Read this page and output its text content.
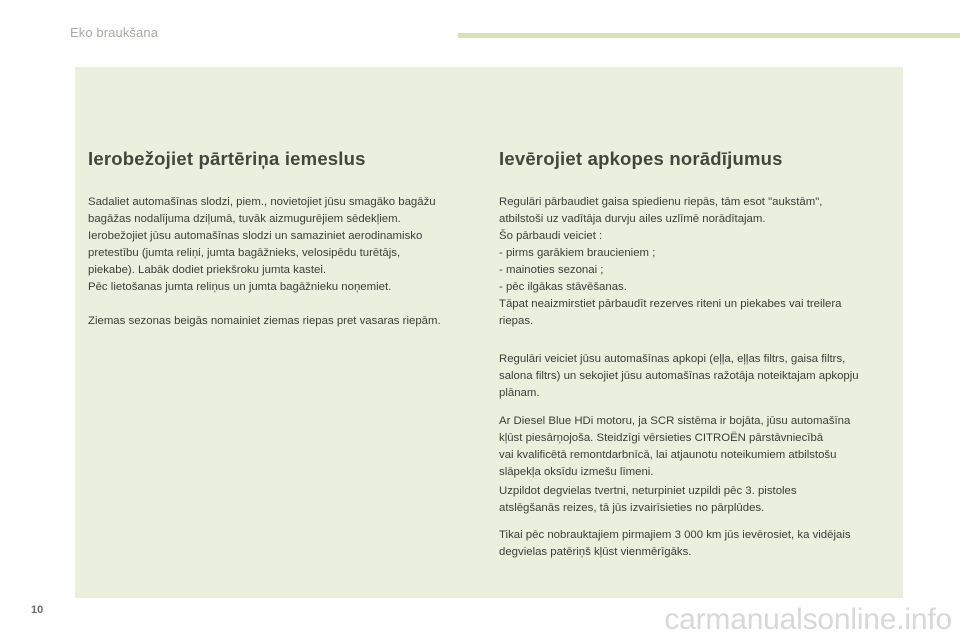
Eko braukšana
Ierobežojiet pārtēriņa iemeslus

Sadaliet automašīnas slodzi, piem., novietojiet jūsu smagāko bagāžu
bagāžas nodalījuma dziļumā, tuvāk aizmugurējiem sēdekļiem.
Ierobežojiet jūsu automašīnas slodzi un samaziniet aerodinamisko
pretestību (jumta reliņi, jumta bagāžnieks, velosipēdu turētājs,
piekabe). Labāk dodiet priekšroku jumta kastei.
Pēc lietošanas jumta reliņus un jumta bagāžnieku noņemiet.

Ziemas sezonas beigās nomainiet ziemas riepas pret vasaras riepām.

Ievērojiet apkopes norādījumus

Regulāri pārbaudiet gaisa spiedienu riepās, tām esot "aukstām",
atbilstoši uz vadītāja durvju ailes uzlīmē norādītajam.
Šo pārbaudi veiciet :
- pirms garākiem braucieniem ;
- mainoties sezonai ;
- pēc ilgākas stāvēšanas.
Tāpat neaizmirstiet pārbaudīt rezerves riteni un piekabes vai treilera
riepas.

Regulāri veiciet jūsu automašīnas apkopi (eļļa, eļļas filtrs, gaisa filtrs,
salona filtrs) un sekojiet jūsu automašīnas ražotāja noteiktajam apkopju
plānam.

Ar Diesel Blue HDi motoru, ja SCR sistēma ir bojāta, jūsu automašīna
kļūst piesārņojoša. Steidzīgi vērsieties CITROËN pārstāvniecībā
vai kvalificētā remontdarbnīcā, lai atjaunotu noteikumiem atbilstošu
slāpekļa oksīdu izmešu līmeni.

Uzpildot degvielas tvertni, neturpiniet uzpildi pēc 3. pistoles
atslēgšanās reizes, tā jūs izvairīsieties no pārplūdes.

Tikai pēc nobrauktajiem pirmajiem 3 000 km jūs ievērosiet, ka vidējais
degvielas patēriņš kļūst vienmērīgāks.

10	carmanualsonline.info
